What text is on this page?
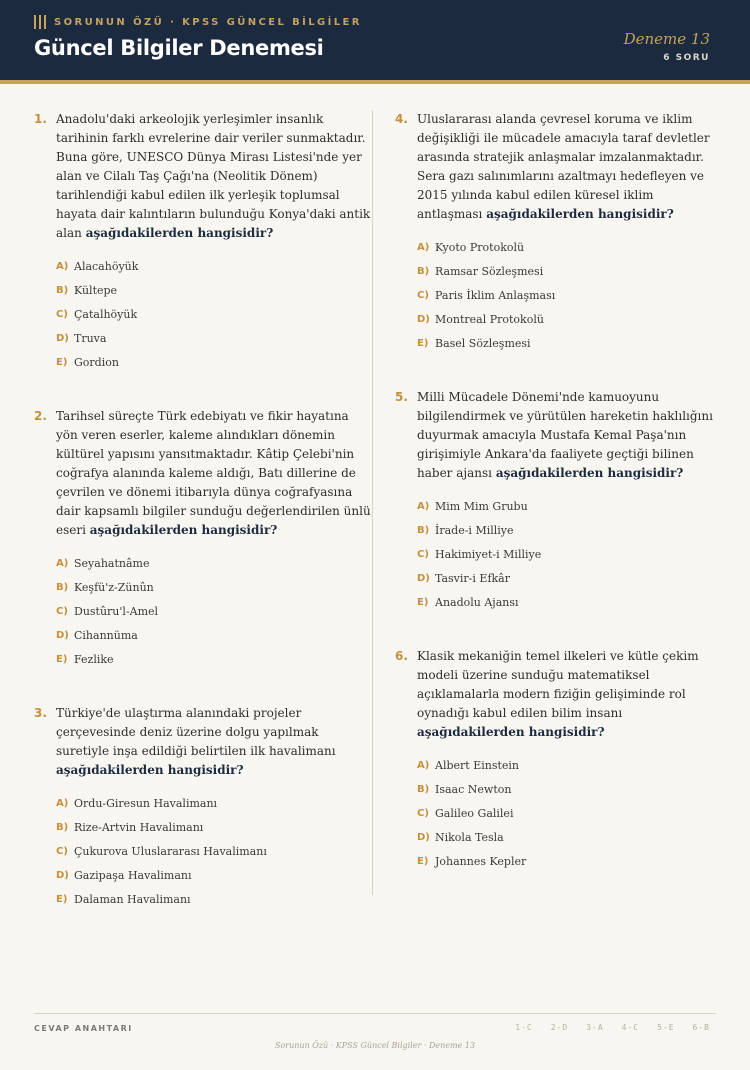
SORUNUN ÖZÜ · KPSS GÜNCEL BİLGİLER
Güncel Bilgiler Denemesi	Deneme 13
6 SORU
1. Anadolu'daki arkeolojik yerleşimler insanlık tarihinin farklı evrelerine dair veriler sunmaktadır. Buna göre, UNESCO Dünya Mirası Listesi'nde yer alan ve Cilalı Taş Çağı'na (Neolitik Dönem) tarihlendiği kabul edilen ilk yerleşik toplumsal hayata dair kalıntıların bulunduğu Konya'daki antik alan aşağıdakilerden hangisidir?
A) Alacahöyük
B) Kültepe
C) Çatalhöyük
D) Truva
E) Gordion
2. Tarihsel süreçte Türk edebiyatı ve fikir hayatına yön veren eserler, kaleme alındıkları dönemin kültürel yapısını yansıtmaktadır. Kâtip Çelebi'nin coğrafya alanında kaleme aldığı, Batı dillerine de çevrilen ve dönemi itibarıyla dünya coğrafyasına dair kapsamlı bilgiler sunduğu değerlendirilen ünlü eseri aşağıdakilerden hangisidir?
A) Seyahatnâme
B) Keşfü'z-Zünûn
C) Dustûru'l-Amel
D) Cihannüma
E) Fezlike
3. Türkiye'de ulaştırma alanındaki projeler çerçevesinde deniz üzerine dolgu yapılmak suretiyle inşa edildiği belirtilen ilk havalimanı aşağıdakilerden hangisidir?
A) Ordu-Giresun Havalimanı
B) Rize-Artvin Havalimanı
C) Çukurova Uluslararası Havalimanı
D) Gazipaşa Havalimanı
E) Dalaman Havalimanı
4. Uluslararası alanda çevresel koruma ve iklim değişikliği ile mücadele amacıyla taraf devletler arasında stratejik anlaşmalar imzalanmaktadır. Sera gazı salınımlarını azaltmayı hedefleyen ve 2015 yılında kabul edilen küresel iklim antlaşması aşağıdakilerden hangisidir?
A) Kyoto Protokolü
B) Ramsar Sözleşmesi
C) Paris İklim Anlaşması
D) Montreal Protokolü
E) Basel Sözleşmesi
5. Milli Mücadele Dönemi'nde kamuoyunu bilgilendirmek ve yürütülen hareketin haklılığını duyurmak amacıyla Mustafa Kemal Paşa'nın girişimiyle Ankara'da faaliyete geçtiği bilinen haber ajansı aşağıdakilerden hangisidir?
A) Mim Mim Grubu
B) İrade-i Milliye
C) Hakimiyet-i Milliye
D) Tasvir-i Efkâr
E) Anadolu Ajansı
6. Klasik mekaniğin temel ilkeleri ve kütle çekim modeli üzerine sunduğu matematiksel açıklamalarla modern fiziğin gelişiminde rol oynadığı kabul edilen bilim insanı aşağıdakilerden hangisidir?
A) Albert Einstein
B) Isaac Newton
C) Galileo Galilei
D) Nikola Tesla
E) Johannes Kepler
CEVAP ANAHTARI	1-C 2-D 3-A 4-C 5-E 6-B
Sorunun Özü · KPSS Güncel Bilgiler · Deneme 13
